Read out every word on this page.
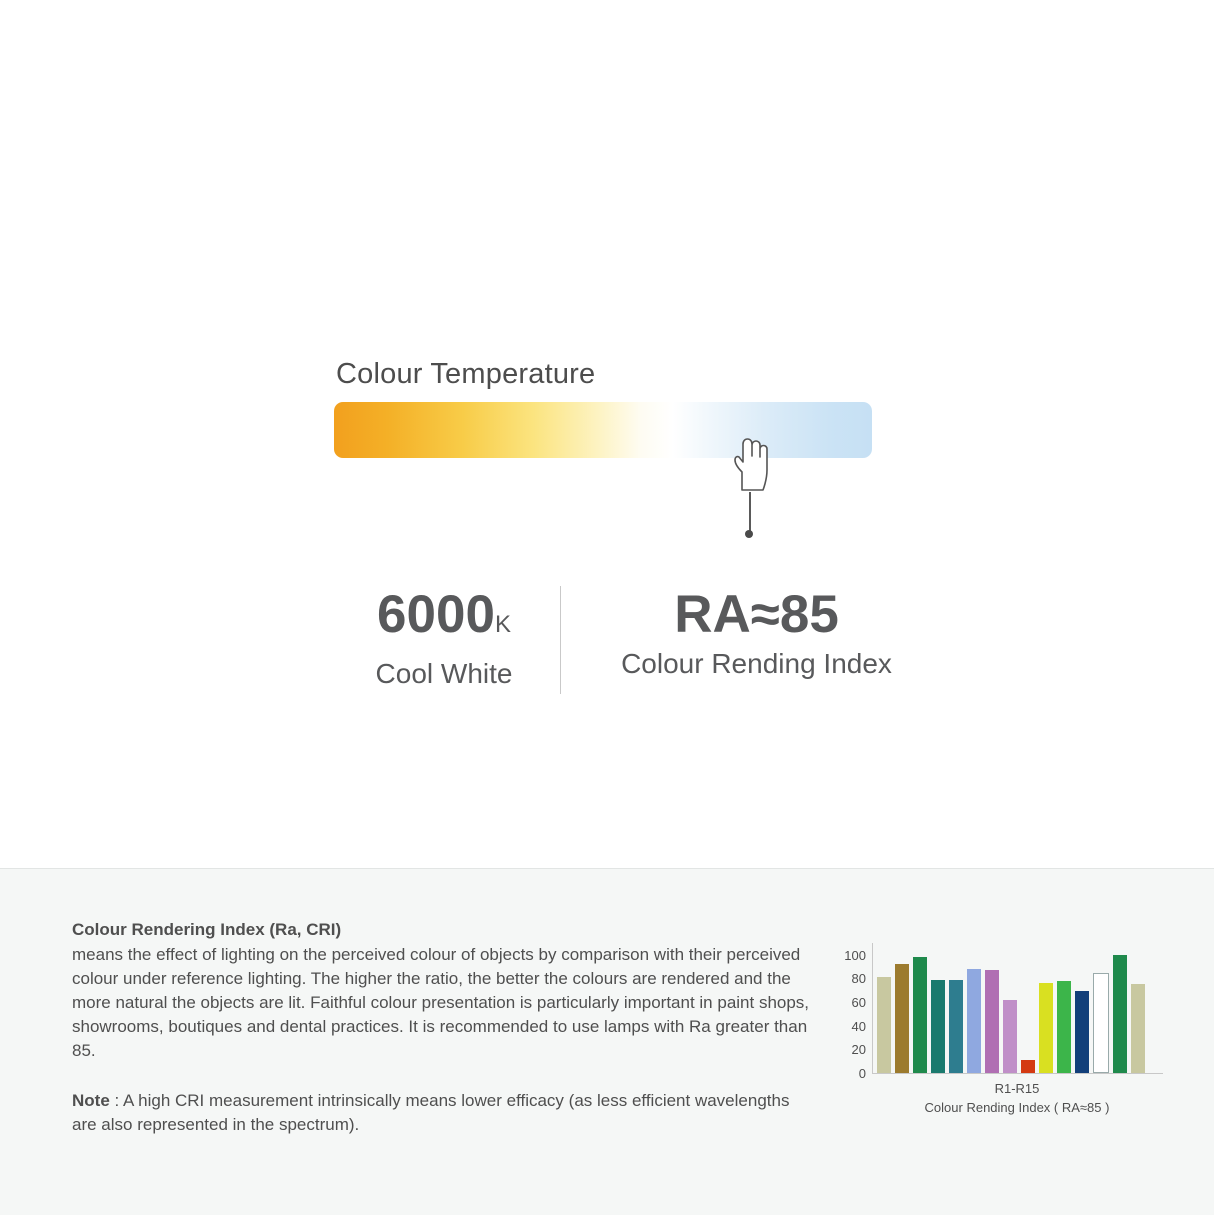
Colour Temperature
6000K
Cool White
RA≈85
Colour Rending Index

Colour Rendering Index (Ra, CRI)

means the effect of lighting on the perceived colour of objects by comparison with their perceived colour under reference lighting. The higher the ratio, the better the colours are rendered and the more natural the objects are lit. Faithful colour presentation is particularly important in paint shops, showrooms, boutiques and dental practices. It is recommended to use lamps with Ra greater than 85.

Note : A high CRI measurement intrinsically means lower efficacy (as less efficient wavelengths are also represented in the spectrum).

0
20
40
60
80
100
R1-R15
Colour Rending Index ( RA≈85 )
